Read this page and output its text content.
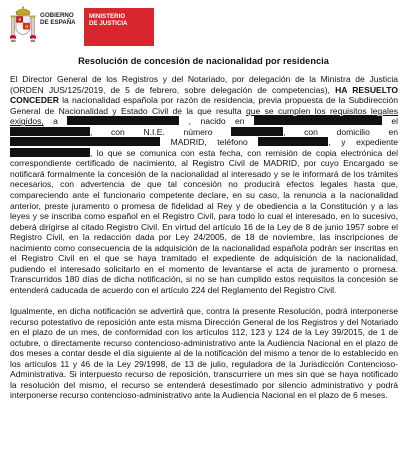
GOBIERNO
DE ESPAÑA
MINISTERIO
DE JUSTICIA
Resolución de concesión de nacionalidad por residencia

El Director General de los Registros y del Notariado, por delegación de la Ministra de Justicia (ORDEN JUS/125/2019, de 5 de febrero, sobre delegación de competencias), HA RESUELTO CONCEDER la nacionalidad española por razón de residencia, previa propuesta de la Subdirección General de Nacionalidad y Estado Civil de la que resulta que se cumplen los requisitos legales exigidos, a	, nacido en	el , con N.I.E. número	, con domicilio en  MADRID, teléfono	, y expediente , lo que se comunica con esta fecha, con remisión de copia electrónica del correspondiente certificado de nacimiento, al Registro Civil de MADRID, por cuyo Encargado se notificará formalmente la concesión de la nacionalidad al interesado y se le informará de los trámites necesarios, con advertencia de que tal concesión no producirá efectos legales hasta que, compareciendo ante el funcionario competente declare, en su caso, la renuncia a la nacionalidad anterior, preste juramento o promesa de fidelidad al Rey y de obediencia a la Constitución y a las leyes y se inscriba como español en el Registro Civil, para todo lo cual el interesado, en lo sucesivo, deberá dirigirse al citado Registro Civil. En virtud del artículo 16 de la Ley de 8 de junio 1957 sobre el Registro Civil, en la redacción dada por Ley 24/2005, de 18 de noviembre, las inscripciones de nacimiento como consecuencia de la adquisición de la nacionalidad española podrán ser inscritas en el Registro Civil en el que se haya tramitado el expediente de adquisición de la nacionalidad, pudiendo el interesado solicitarlo en el momento de levantarse el acta de juramento o promesa. Transcurridos 180 días de dicha notificación, si no se han cumplido estos requisitos la concesión se entenderá caducada de acuerdo con el artículo 224 del Reglamento del Registro Civil.

Igualmente, en dicha notificación se advertirá que, contra la presente Resolución, podrá interponerse recurso potestativo de reposición ante esta misma Dirección General de los Registros y del Notariado en el plazo de un mes, de conformidad con los artículos 112, 123 y 124 de la Ley 39/2015, de 1 de octubre, o directamente recurso contencioso-administrativo ante la Audiencia Nacional en el plazo de dos meses a contar desde el día siguiente al de la notificación del mismo a tenor de lo establecido en los artículos 11 y 46 de la Ley 29/1998, de 13 de julio, reguladora de la Jurisdicción Contencioso-Administrativa. Si interpuesto recurso de reposición, transcurriere un mes sin que se haya notificado la resolución del mismo, el recurso se entenderá desestimado por silencio administrativo y podrá interponerse recurso contencioso-administrativo ante la Audiencia Nacional en el plazo de 6 meses.
